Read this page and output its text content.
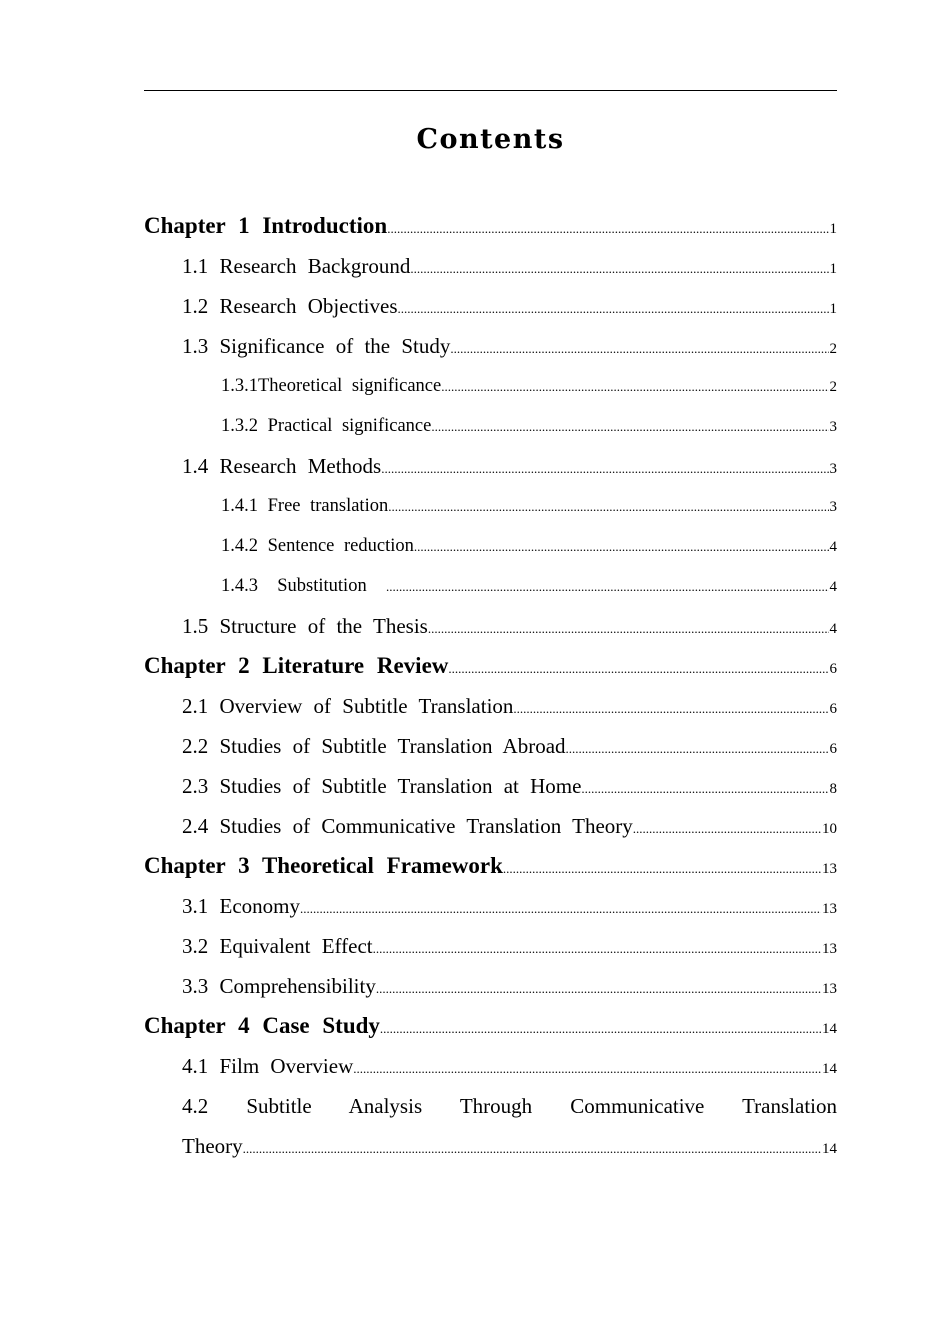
Contents
Chapter 1 Introduction .....	1
1.1 Research Background .....	1
1.2 Research Objectives .....	1
1.3 Significance of the Study .....	2
1.3.1Theoretical significance .....	2
1.3.2 Practical significance .....	3
1.4 Research Methods .....	3
1.4.1 Free translation .....	3
1.4.2 Sentence reduction .....	4
1.4.3  Substitution .....	4
1.5 Structure of the Thesis .....	4
Chapter 2 Literature Review .....	6
2.1 Overview of Subtitle Translation .....	6
2.2 Studies of Subtitle Translation Abroad .....	6
2.3 Studies of Subtitle Translation at Home .....	8
2.4 Studies of Communicative Translation Theory .....	10
Chapter 3 Theoretical Framework .....	13
3.1 Economy .....	13
3.2 Equivalent Effect .....	13
3.3 Comprehensibility .....	13
Chapter 4 Case Study .....	14
4.1 Film Overview .....	14
4.2 Subtitle Analysis Through Communicative Translation
Theory .....	14
